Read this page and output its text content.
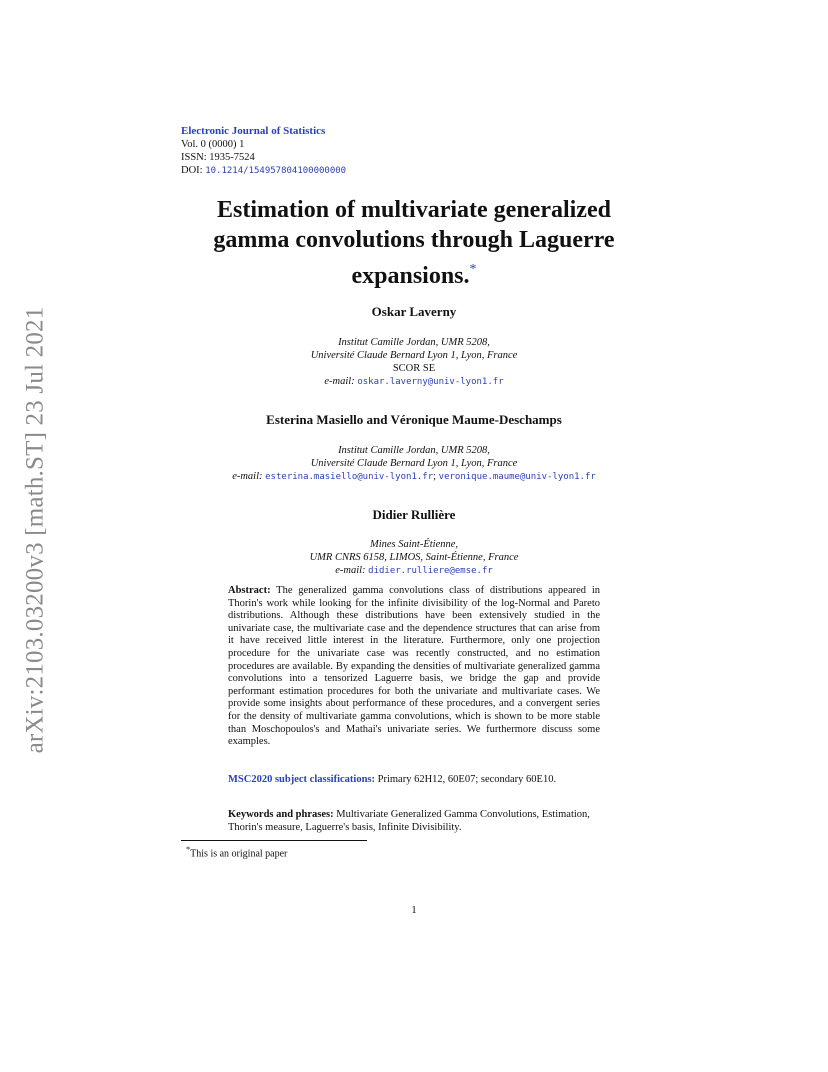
arXiv:2103.03200v3 [math.ST] 23 Jul 2021
Electronic Journal of Statistics
Vol. 0 (0000) 1
ISSN: 1935-7524
DOI: 10.1214/154957804100000000
Estimation of multivariate generalized
gamma convolutions through Laguerre
expansions.*
Oskar Laverny
Institut Camille Jordan, UMR 5208,
Université Claude Bernard Lyon 1, Lyon, France
SCOR SE
e-mail: oskar.laverny@univ-lyon1.fr
Esterina Masiello and Véronique Maume-Deschamps
Institut Camille Jordan, UMR 5208,
Université Claude Bernard Lyon 1, Lyon, France
e-mail: esterina.masiello@univ-lyon1.fr; veronique.maume@univ-lyon1.fr
Didier Rullière
Mines Saint-Étienne,
UMR CNRS 6158, LIMOS, Saint-Étienne, France
e-mail: didier.rulliere@emse.fr
Abstract: The generalized gamma convolutions class of distributions appeared in Thorin's work while looking for the infinite divisibility of the log-Normal and Pareto distributions. Although these distributions have been extensively studied in the univariate case, the multivariate case and the dependence structures that can arise from it have received little interest in the literature. Furthermore, only one projection procedure for the univariate case was recently constructed, and no estimation procedures are available. By expanding the densities of multivariate generalized gamma convolutions into a tensorized Laguerre basis, we bridge the gap and provide performant estimation procedures for both the univariate and multivariate cases. We provide some insights about performance of these procedures, and a convergent series for the density of multivariate gamma convolutions, which is shown to be more stable than Moschopoulos's and Mathai's univariate series. We furthermore discuss some examples.
MSC2020 subject classifications: Primary 62H12, 60E07; secondary 60E10.
Keywords and phrases: Multivariate Generalized Gamma Convolutions, Estimation, Thorin's measure, Laguerre's basis, Infinite Divisibility.
*This is an original paper
1
